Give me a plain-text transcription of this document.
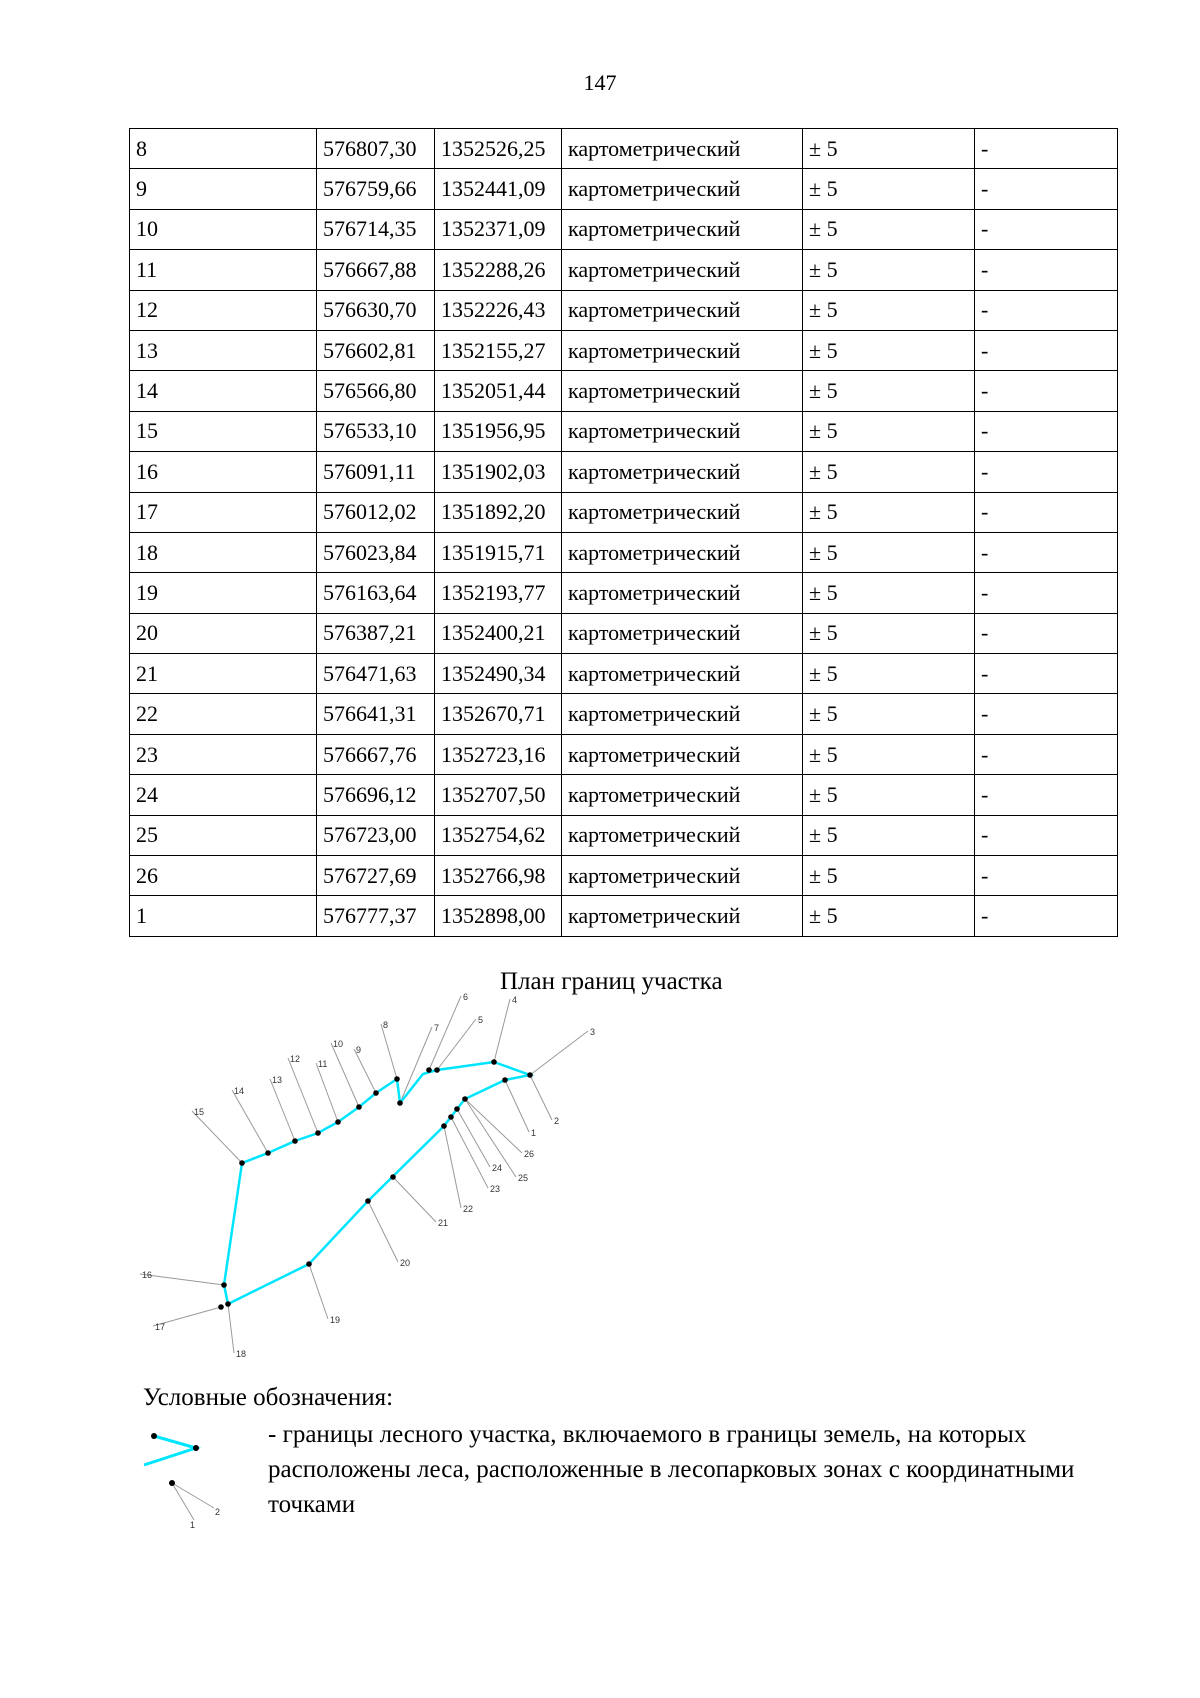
147
8	576807,30	1352526,25	картометрический	± 5	-
9	576759,66	1352441,09	картометрический	± 5	-
10	576714,35	1352371,09	картометрический	± 5	-
11	576667,88	1352288,26	картометрический	± 5	-
12	576630,70	1352226,43	картометрический	± 5	-
13	576602,81	1352155,27	картометрический	± 5	-
14	576566,80	1352051,44	картометрический	± 5	-
15	576533,10	1351956,95	картометрический	± 5	-
16	576091,11	1351902,03	картометрический	± 5	-
17	576012,02	1351892,20	картометрический	± 5	-
18	576023,84	1351915,71	картометрический	± 5	-
19	576163,64	1352193,77	картометрический	± 5	-
20	576387,21	1352400,21	картометрический	± 5	-
21	576471,63	1352490,34	картометрический	± 5	-
22	576641,31	1352670,71	картометрический	± 5	-
23	576667,76	1352723,16	картометрический	± 5	-
24	576696,12	1352707,50	картометрический	± 5	-
25	576723,00	1352754,62	картометрический	± 5	-
26	576727,69	1352766,98	картометрический	± 5	-
1	576777,37	1352898,00	картометрический	± 5	-
План границ участка
1
2
3
4
5
6
7
8
9
10
11
12
13
14
15
16
17
18
19
20
21
22
23
24
25
26
Условные обозначения:
1
2
- границы лесного участка, включаемого в границы земель, на которых расположены леса, расположенные в лесопарковых зонах с координатными точками
